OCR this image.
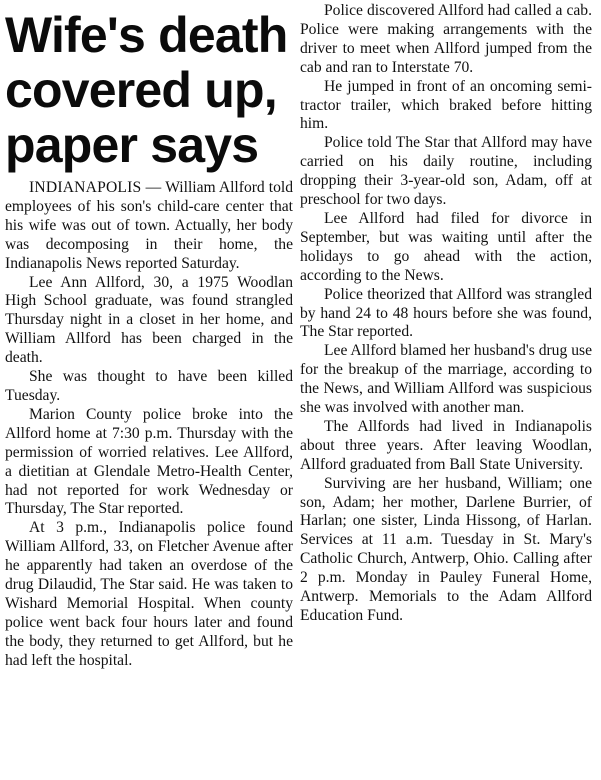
Wife's death
covered up,
paper says

INDIANAPOLIS — William Allford told employees of his son's child-care center that his wife was out of town. Actually, her body was decomposing in their home, the Indianapolis News reported Saturday.

Lee Ann Allford, 30, a 1975 Woodlan High School graduate, was found strangled Thursday night in a closet in her home, and William Allford has been charged in the death.

She was thought to have been killed Tuesday.

Marion County police broke into the Allford home at 7:30 p.m. Thursday with the permission of worried relatives. Lee Allford, a dietitian at Glendale Metro-Health Center, had not reported for work Wednesday or Thursday, The Star reported.

At 3 p.m., Indianapolis police found William Allford, 33, on Fletcher Avenue after he apparently had taken an overdose of the drug Dilaudid, The Star said. He was taken to Wishard Memorial Hospital. When county police went back four hours later and found the body, they returned to get Allford, but he had left the hospital.

Police discovered Allford had called a cab. Police were making arrangements with the driver to meet when Allford jumped from the cab and ran to Interstate 70.

He jumped in front of an oncoming semi-tractor trailer, which braked before hitting him.

Police told The Star that Allford may have carried on his daily routine, including dropping their 3-year-old son, Adam, off at preschool for two days.

Lee Allford had filed for divorce in September, but was waiting until after the holidays to go ahead with the action, according to the News.

Police theorized that Allford was strangled by hand 24 to 48 hours before she was found, The Star reported.

Lee Allford blamed her husband's drug use for the breakup of the marriage, according to the News, and William Allford was suspicious she was involved with another man.

The Allfords had lived in Indianapolis about three years. After leaving Woodlan, Allford graduated from Ball State University.

Surviving are her husband, William; one son, Adam; her mother, Darlene Burrier, of Harlan; one sister, Linda Hissong, of Harlan. Services at 11 a.m. Tuesday in St. Mary's Catholic Church, Antwerp, Ohio. Calling after 2 p.m. Monday in Pauley Funeral Home, Antwerp. Memorials to the Adam Allford Education Fund.
